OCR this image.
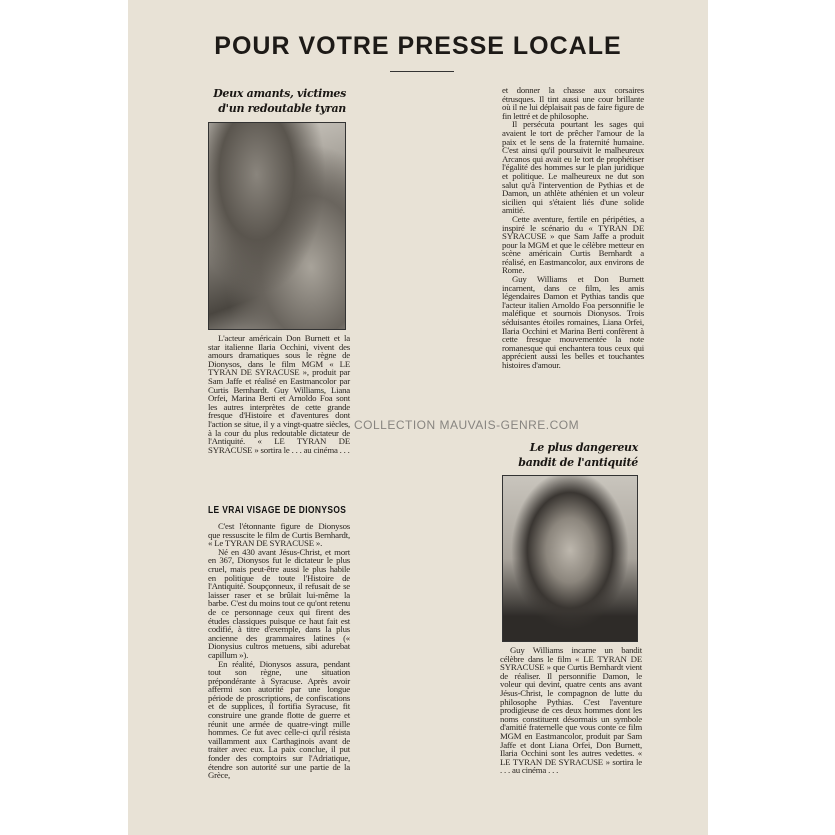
POUR VOTRE PRESSE LOCALE
Deux amants, victimes
d'un redoutable tyran

L'acteur américain Don Burnett et la star italienne Ilaria Occhini, vivent des amours dramatiques sous le règne de Dionysos, dans le film MGM « LE TYRAN DE SYRACUSE », produit par Sam Jaffe et réalisé en Eastmancolor par Curtis Bernhardt. Guy Williams, Liana Orfei, Marina Berti et Arnoldo Foa sont les autres interprètes de cette grande fresque d'Histoire et d'aventures dont l'action se situe, il y a vingt-quatre siècles, à la cour du plus redoutable dictateur de l'Antiquité. « LE TYRAN DE SYRACUSE » sortira le . . . au cinéma . . .

LE VRAI VISAGE DE DIONYSOS

C'est l'étonnante figure de Dionysos que ressuscite le film de Curtis Bernhardt, « Le TYRAN DE SYRACUSE ».

Né en 430 avant Jésus-Christ, et mort en 367, Dionysos fut le dictateur le plus cruel, mais peut-être aussi le plus habile en politique de toute l'Histoire de l'Antiquité. Soupçonneux, il refusait de se laisser raser et se brûlait lui-même la barbe. C'est du moins tout ce qu'ont retenu de ce personnage ceux qui firent des études classiques puisque ce haut fait est codifié, à titre d'exemple, dans la plus ancienne des grammaires latines (« Dionysius cultros metuens, sibi adurebat capillum »).

En réalité, Dionysos assura, pendant tout son règne, une situation prépondérante à Syracuse. Après avoir affermi son autorité par une longue période de proscriptions, de confiscations et de supplices, il fortifia Syracuse, fit construire une grande flotte de guerre et réunit une armée de quatre-vingt mille hommes. Ce fut avec celle-ci qu'il résista vaillamment aux Carthaginois avant de traiter avec eux. La paix conclue, il put fonder des comptoirs sur l'Adriatique, étendre son autorité sur une partie de la Grèce,

et donner la chasse aux corsaires étrusques. Il tint aussi une cour brillante où il ne lui déplaisait pas de faire figure de fin lettré et de philosophe.

Il persécuta pourtant les sages qui avaient le tort de prêcher l'amour de la paix et le sens de la fraternité humaine. C'est ainsi qu'il poursuivit le malheureux Arcanos qui avait eu le tort de prophétiser l'égalité des hommes sur le plan juridique et politique. Le malheureux ne dut son salut qu'à l'intervention de Pythias et de Damon, un athlète athénien et un voleur sicilien qui s'étaient liés d'une solide amitié.

Cette aventure, fertile en péripéties, a inspiré le scénario du « TYRAN DE SYRACUSE » que Sam Jaffe a produit pour la MGM et que le célèbre metteur en scène américain Curtis Bernhardt a réalisé, en Eastmancolor, aux environs de Rome.

Guy Williams et Don Burnett incarnent, dans ce film, les amis légendaires Damon et Pythias tandis que l'acteur italien Arnoldo Foa personnifie le maléfique et sournois Dionysos. Trois séduisantes étoiles romaines, Liana Orfei, Ilaria Occhini et Marina Berti confèrent à cette fresque mouvementée la note romanesque qui enchantera tous ceux qui apprécient aussi les belles et touchantes histoires d'amour.

Le plus dangereux
bandit de l'antiquité

Guy Williams incarne un bandit célèbre dans le film « LE TYRAN DE SYRACUSE » que Curtis Bernhardt vient de réaliser. Il personnifie Damon, le voleur qui devint, quatre cents ans avant Jésus-Christ, le compagnon de lutte du philosophe Pythias. C'est l'aventure prodigieuse de ces deux hommes dont les noms constituent désormais un symbole d'amitié fraternelle que vous conte ce film MGM en Eastmancolor, produit par Sam Jaffe et dont Liana Orfei, Don Burnett, Ilaria Occhini sont les autres vedettes. « LE TYRAN DE SYRACUSE » sortira le . . . au cinéma . . .

COLLECTION MAUVAIS-GENRE.COM
